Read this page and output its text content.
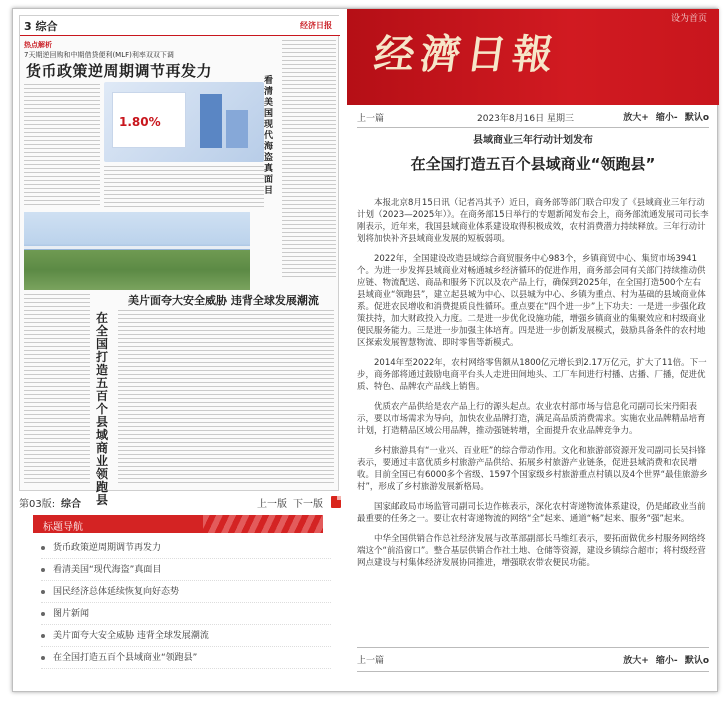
3 综合	经济日报
热点解析
7天期逆回购和中期借贷便利(MLF)利率双双下调
货币政策逆周期调节再发力
1.80%
看清美国现代海盗真面目
美片面夸大安全威胁 违背全球发展潮流
在全国打造五百个县域商业领跑县
第03版: 综合	上一版 下一版
标题导航
货币政策逆周期调节再发力
看清美国“现代海盗”真面目
国民经济总体延续恢复向好态势
图片新闻
美片面夸大安全威胁 违背全球发展潮流
在全国打造五百个县域商业“领跑县”
经濟日報
设为首页
上一篇	2023年8月16日 星期三	放大+ 缩小- 默认o
县域商业三年行动计划发布
在全国打造五百个县域商业“领跑县”

本报北京8月15日讯（记者冯其予）近日，商务部等部门联合印发了《县域商业三年行动计划（2023—2025年）》。在商务部15日举行的专题新闻发布会上，商务部流通发展司司长李刚表示，近年来，我国县域商业体系建设取得积极成效，农村消费潜力持续释放。三年行动计划将加快补齐县域商业发展的短板弱项。

2022年，全国建设改造县域综合商贸服务中心983个，乡镇商贸中心、集贸市场3941个。为进一步发挥县域商业对畅通城乡经济循环的促进作用，商务部会同有关部门持续推动供应链、物流配送、商品和服务下沉以及农产品上行，确保到2025年，在全国打造500个左右县域商业“领跑县”，建立起县城为中心、以县城为中心、乡镇为重点、村为基础的县域商业体系。促进农民增收和消费提质良性循环。重点要在“四个进一步”上下功夫：一是进一步强化政策扶持，加大财政投入力度。二是进一步优化设施功能，增强乡镇商业的集聚效应和村级商业便民服务能力。三是进一步加强主体培育。四是进一步创新发展模式，鼓励具备条件的农村地区探索发展智慧物流、即时零售等新模式。

2014年至2022年，农村网络零售额从1800亿元增长到2.17万亿元，扩大了11倍。下一步，商务部将通过鼓励电商平台头人走进田间地头、工厂车间进行村播、店播、厂播，促进优质、特色、品牌农产品线上销售。

优质农产品供给是农产品上行的源头起点。农业农村部市场与信息化司副司长宋丹阳表示，要以市场需求为导向，加快农业品牌打造，满足高品质消费需求。实施农业品牌精品培育计划，打造精品区域公用品牌，推动强链转增，全面提升农业品牌竞争力。

乡村旅游具有“一业兴、百业旺”的综合带动作用。文化和旅游部资源开发司副司长吴抖锋表示，要通过丰富优质乡村旅游产品供给、拓展乡村旅游产业链条，促进县域消费和农民增收。目前全国已有6000多个省级、1597个国家级乡村旅游重点村镇以及4个世界“最佳旅游乡村”，形成了乡村旅游发展新格局。

国家邮政局市场监管司副司长边作栋表示，深化农村寄递物流体系建设，仍是邮政业当前最重要的任务之一。要让农村寄递物流的网络“全”起来、通道“畅”起来、服务“强”起来。

中华全国供销合作总社经济发展与改革部副部长马维红表示，要拓面做优乡村服务网络终端这个“前沿窗口”。整合基层供销合作社土地、仓储等资源，建设乡镇综合超市；将村级经营网点建设与村集体经济发展协同推进，增强联农带农便民功能。

上一篇	放大+ 缩小- 默认o
